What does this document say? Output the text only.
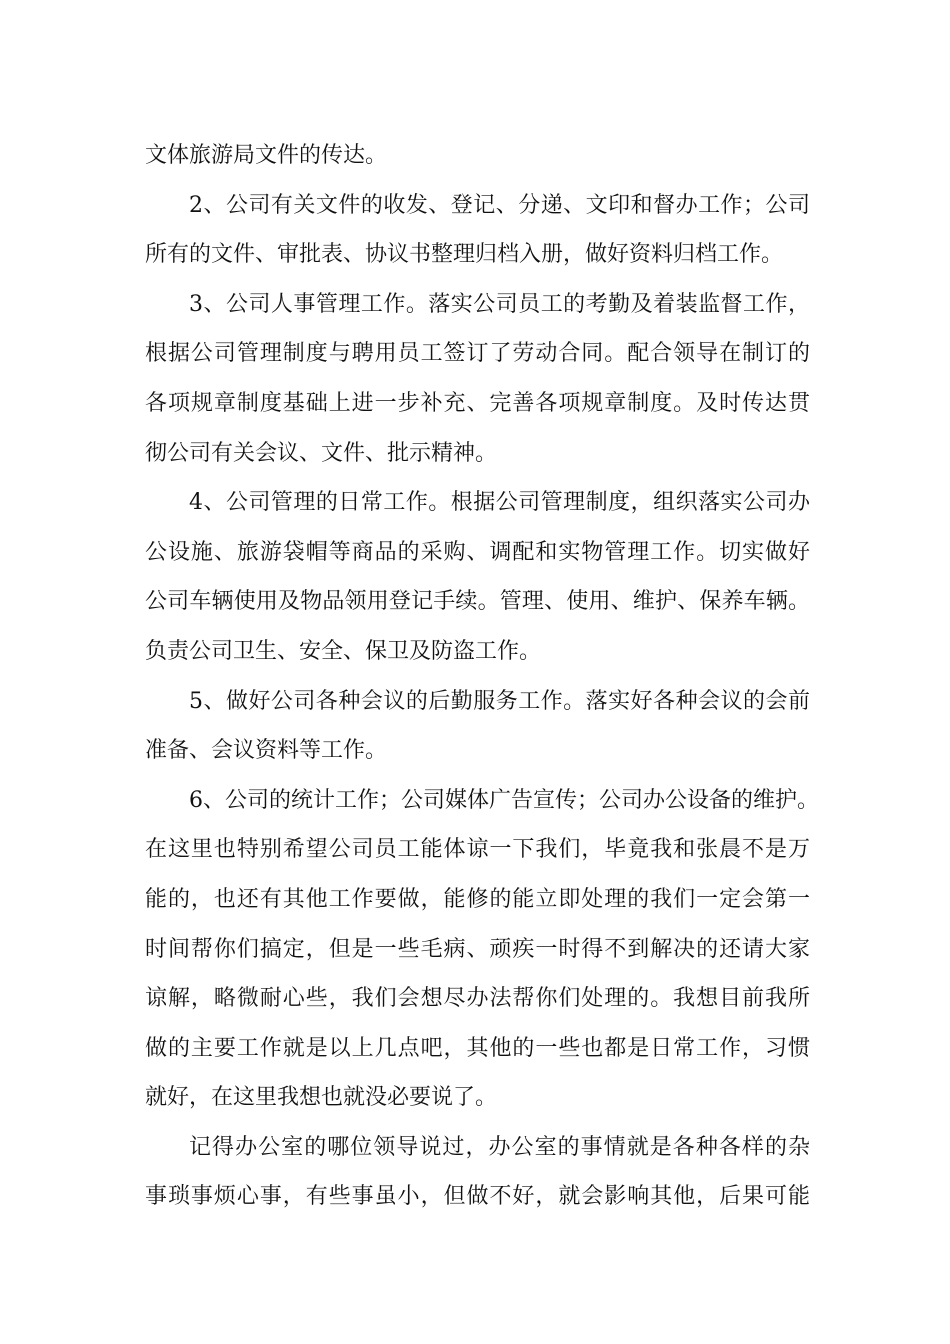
文体旅游局文件的传达。
2、公司有关文件的收发、登记、分递、文印和督办工作；公司
所有的文件、审批表、协议书整理归档入册，做好资料归档工作。
3、公司人事管理工作。落实公司员工的考勤及着装监督工作，
根据公司管理制度与聘用员工签订了劳动合同。配合领导在制订的
各项规章制度基础上进一步补充、完善各项规章制度。及时传达贯
彻公司有关会议、文件、批示精神。
4、公司管理的日常工作。根据公司管理制度，组织落实公司办
公设施、旅游袋帽等商品的采购、调配和实物管理工作。切实做好
公司车辆使用及物品领用登记手续。管理、使用、维护、保养车辆。
负责公司卫生、安全、保卫及防盗工作。
5、做好公司各种会议的后勤服务工作。落实好各种会议的会前
准备、会议资料等工作。
6、公司的统计工作；公司媒体广告宣传；公司办公设备的维护。
在这里也特别希望公司员工能体谅一下我们，毕竟我和张晨不是万
能的，也还有其他工作要做，能修的能立即处理的我们一定会第一
时间帮你们搞定，但是一些毛病、顽疾一时得不到解决的还请大家
谅解，略微耐心些，我们会想尽办法帮你们处理的。我想目前我所
做的主要工作就是以上几点吧，其他的一些也都是日常工作，习惯
就好，在这里我想也就没必要说了。
记得办公室的哪位领导说过，办公室的事情就是各种各样的杂
事琐事烦心事，有些事虽小，但做不好，就会影响其他，后果可能
